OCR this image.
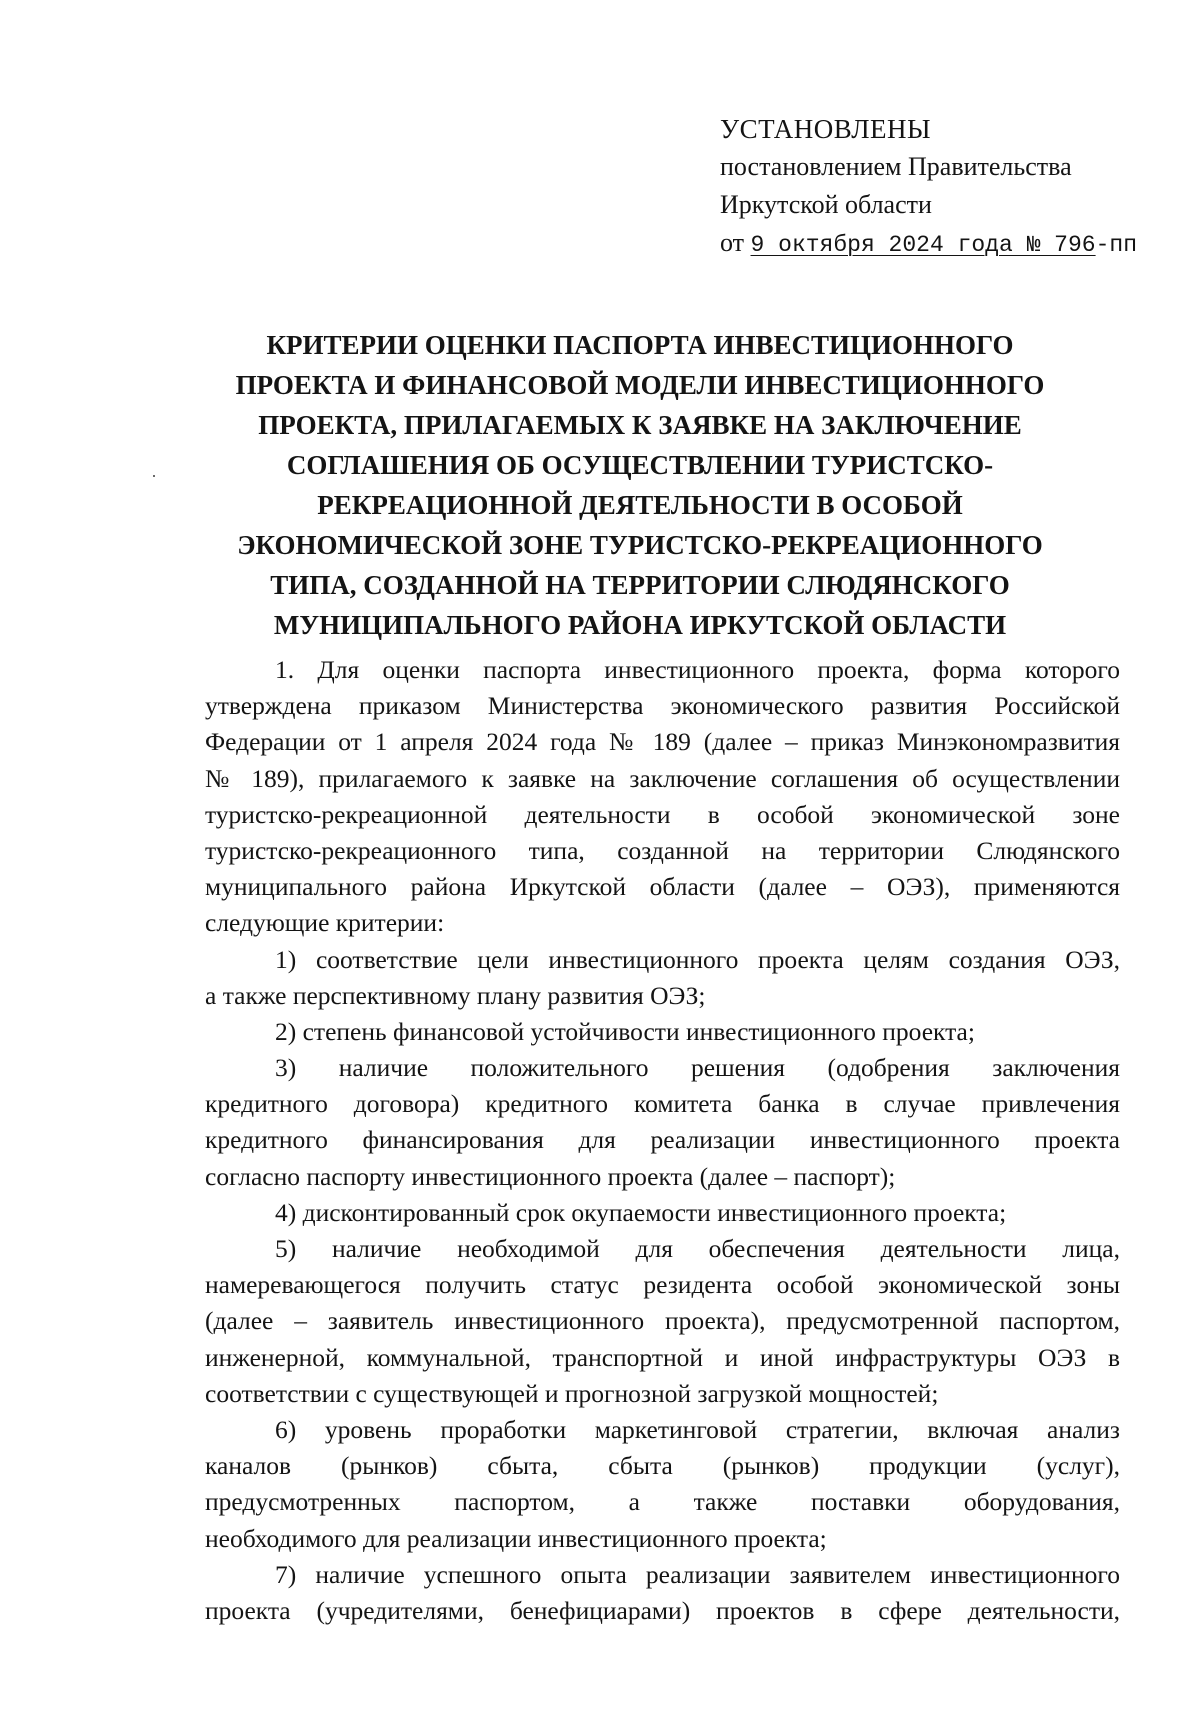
УСТАНОВЛЕНЫ
постановлением Правительства
Иркутской области
от 9 октября 2024 года № 796-пп
КРИТЕРИИ ОЦЕНКИ ПАСПОРТА ИНВЕСТИЦИОННОГО
ПРОЕКТА И ФИНАНСОВОЙ МОДЕЛИ ИНВЕСТИЦИОННОГО
ПРОЕКТА, ПРИЛАГАЕМЫХ К ЗАЯВКЕ НА ЗАКЛЮЧЕНИЕ
СОГЛАШЕНИЯ ОБ ОСУЩЕСТВЛЕНИИ ТУРИСТСКО-
РЕКРЕАЦИОННОЙ ДЕЯТЕЛЬНОСТИ В ОСОБОЙ
ЭКОНОМИЧЕСКОЙ ЗОНЕ ТУРИСТСКО-РЕКРЕАЦИОННОГО
ТИПА, СОЗДАННОЙ НА ТЕРРИТОРИИ СЛЮДЯНСКОГО
МУНИЦИПАЛЬНОГО РАЙОНА ИРКУТСКОЙ ОБЛАСТИ
1. Для оценки паспорта инвестиционного проекта, форма которого
утверждена приказом Министерства экономического развития Российской
Федерации от 1 апреля 2024 года № 189 (далее – приказ Минэкономразвития
№ 189), прилагаемого к заявке на заключение соглашения об осуществлении
туристско-рекреационной деятельности в особой экономической зоне
туристско-рекреационного типа, созданной на территории Слюдянского
муниципального района Иркутской области (далее – ОЭЗ), применяются
следующие критерии:
1) соответствие цели инвестиционного проекта целям создания ОЭЗ,
а также перспективному плану развития ОЭЗ;
2) степень финансовой устойчивости инвестиционного проекта;
3) наличие положительного решения (одобрения заключения
кредитного договора) кредитного комитета банка в случае привлечения
кредитного финансирования для реализации инвестиционного проекта
согласно паспорту инвестиционного проекта (далее – паспорт);
4) дисконтированный срок окупаемости инвестиционного проекта;
5) наличие необходимой для обеспечения деятельности лица,
намеревающегося получить статус резидента особой экономической зоны
(далее – заявитель инвестиционного проекта), предусмотренной паспортом,
инженерной, коммунальной, транспортной и иной инфраструктуры ОЭЗ в
соответствии с существующей и прогнозной загрузкой мощностей;
6) уровень проработки маркетинговой стратегии, включая анализ
каналов (рынков) сбыта, сбыта (рынков) продукции (услуг),
предусмотренных паспортом, а также поставки оборудования,
необходимого для реализации инвестиционного проекта;
7) наличие успешного опыта реализации заявителем инвестиционного
проекта (учредителями, бенефициарами) проектов в сфере деятельности,
